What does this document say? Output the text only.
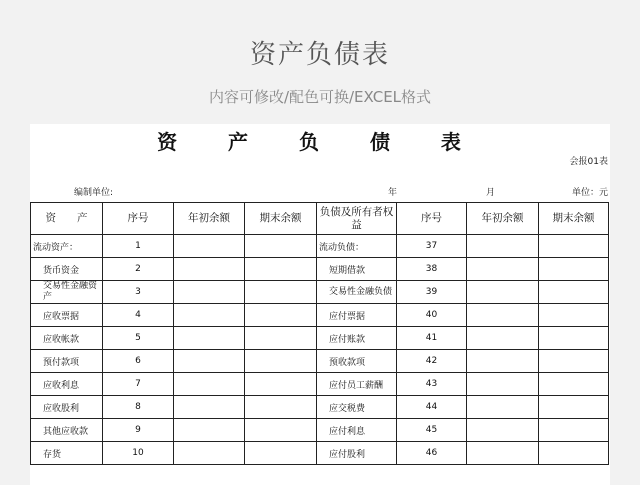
资产负债表
内容可修改/配色可换/EXCEL格式
资 产 负 债 表
会报01表
编制单位:	年	月	单位：元
资　　产	序号	年初余额	期末余额	负债及所有者权益	序号	年初余额	期末余额
流动资产：	1			流动负债：	37		
货币资金	2			短期借款	38		
交易性金融资产	3			交易性金融负债	39		
应收票据	4			应付票据	40		
应收帐款	5			应付账款	41		
预付款项	6			预收款项	42		
应收利息	7			应付员工薪酬	43		
应收股利	8			应交税费	44		
其他应收款	9			应付利息	45		
存货	10			应付股利	46		
